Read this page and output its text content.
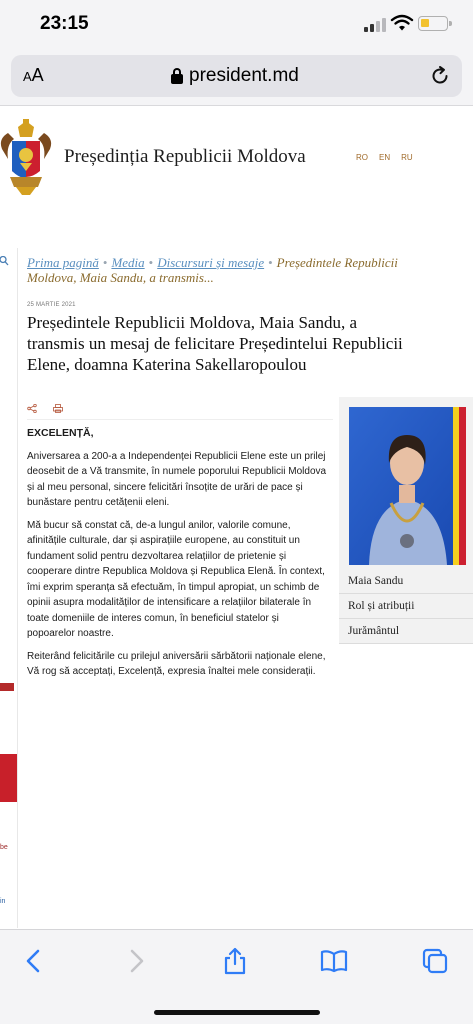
23:15
AA	president.md
Președinția Republicii Moldova	RO EN RU
be
in
Prima pagină • Media • Discursuri și mesaje • Președintele Republicii Moldova, Maia Sandu, a transmis...
25 MARTIE 2021
Președintele Republicii Moldova, Maia Sandu, a transmis un mesaj de felicitare Președintelui Republicii Elene, doamna Katerina Sakellaropoulou
EXCELENȚĂ,

Aniversarea a 200-a a Independenței Republicii Elene este un prilej deosebit de a Vă transmite, în numele poporului Republicii Moldova și al meu personal, sincere felicitări însoțite de urări de pace și bunăstare pentru cetățenii eleni.

Mă bucur să constat că, de-a lungul anilor, valorile comune, afinitățile culturale, dar și aspirațiile europene, au constituit un fundament solid pentru dezvoltarea relațiilor de prietenie și cooperare dintre Republica Moldova și Republica Elenă. În context, îmi exprim speranța să efectuăm, în timpul apropiat, un schimb de opinii asupra modalităților de intensificare a relațiilor bilaterale în toate domeniile de interes comun, în beneficiul statelor și popoarelor noastre.

Reiterând felicitările cu prilejul aniversării sărbătorii naționale elene, Vă rog să acceptați, Excelență, expresia înaltei mele considerații.

Maia Sandu
Rol și atribuții
Jurământul
